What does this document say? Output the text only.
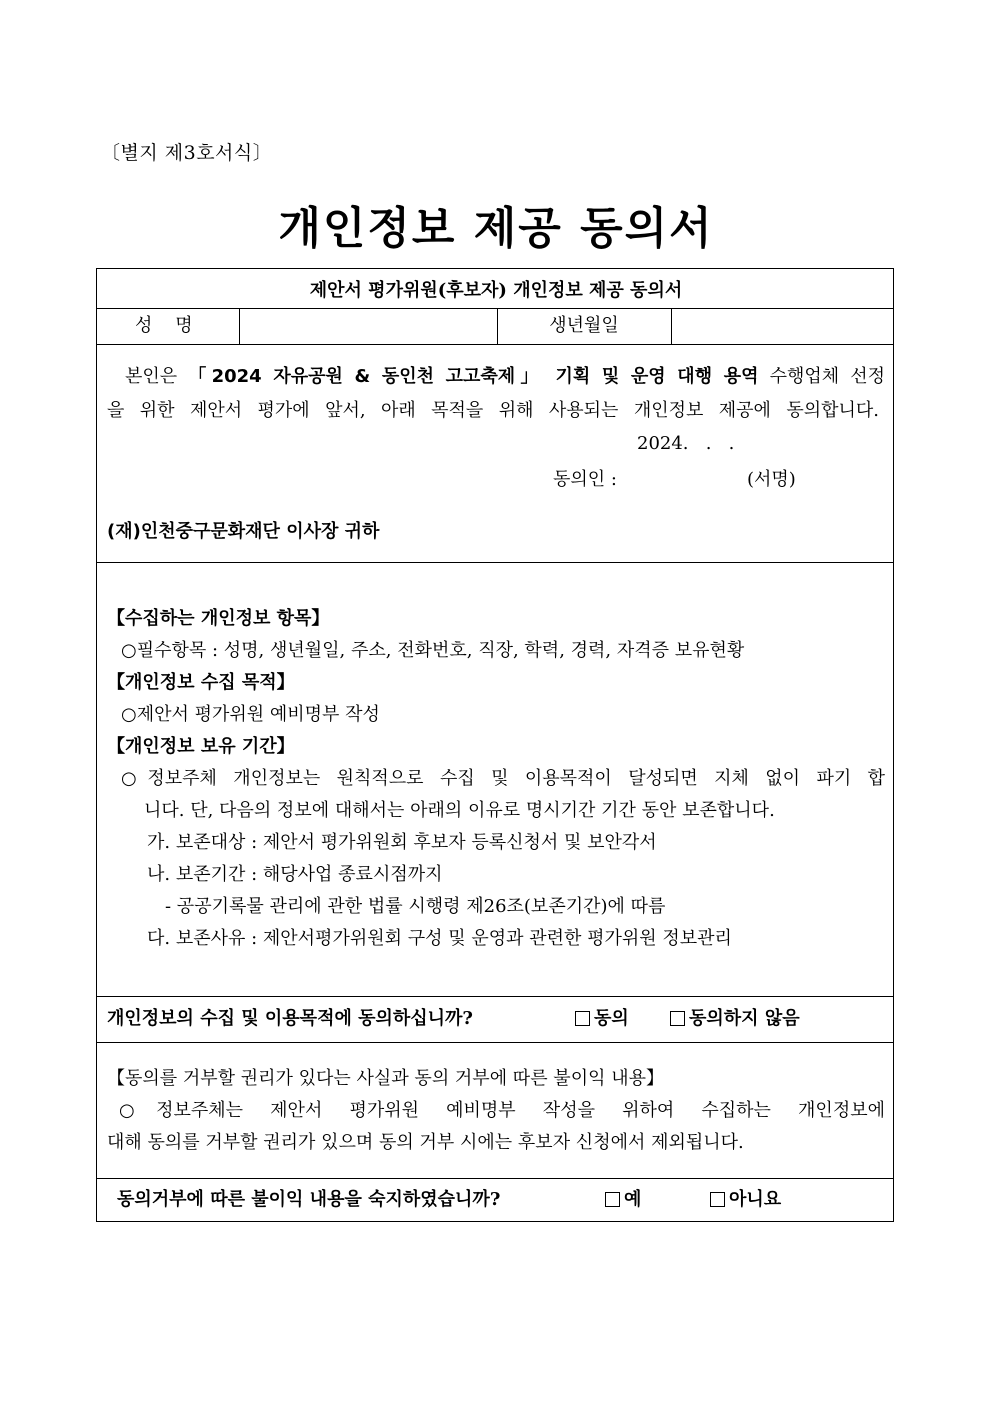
〔별지 제3호서식〕
개인정보 제공 동의서
제안서 평가위원(후보자) 개인정보 제공 동의서
성    명	생년월일
본인은 「2024 자유공원 & 동인천 고고축제」 기획 및 운영 대행 용역 수행업체 선정
을 위한 제안서 평가에 앞서, 아래 목적을 위해 사용되는 개인정보 제공에 동의합니다.
2024.   .   .
동의인 :	(서명)
(재)인천중구문화재단 이사장 귀하
【수집하는 개인정보 항목】
○필수항목 : 성명, 생년월일, 주소, 전화번호, 직장, 학력, 경력, 자격증 보유현황
【개인정보 수집 목적】
○제안서 평가위원 예비명부 작성
【개인정보 보유 기간】
○정보주체 개인정보는 원칙적으로 수집 및 이용목적이 달성되면 지체 없이 파기 합
니다. 단, 다음의 정보에 대해서는 아래의 이유로 명시기간 기간 동안 보존합니다.
가. 보존대상 : 제안서 평가위원회 후보자 등록신청서 및 보안각서
나. 보존기간 : 해당사업 종료시점까지
- 공공기록물 관리에 관한 법률 시행령 제26조(보존기간)에 따름
다. 보존사유 : 제안서평가위원회 구성 및 운영과 관련한 평가위원 정보관리
개인정보의 수집 및 이용목적에 동의하십니까?	동의	동의하지 않음
【동의를 거부할 권리가 있다는 사실과 동의 거부에 따른 불이익 내용】
○정보주체는 제안서 평가위원 예비명부 작성을 위하여 수집하는 개인정보에
대해 동의를 거부할 권리가 있으며 동의 거부 시에는 후보자 신청에서 제외됩니다.
동의거부에 따른 불이익 내용을 숙지하였습니까?	예	아니요
